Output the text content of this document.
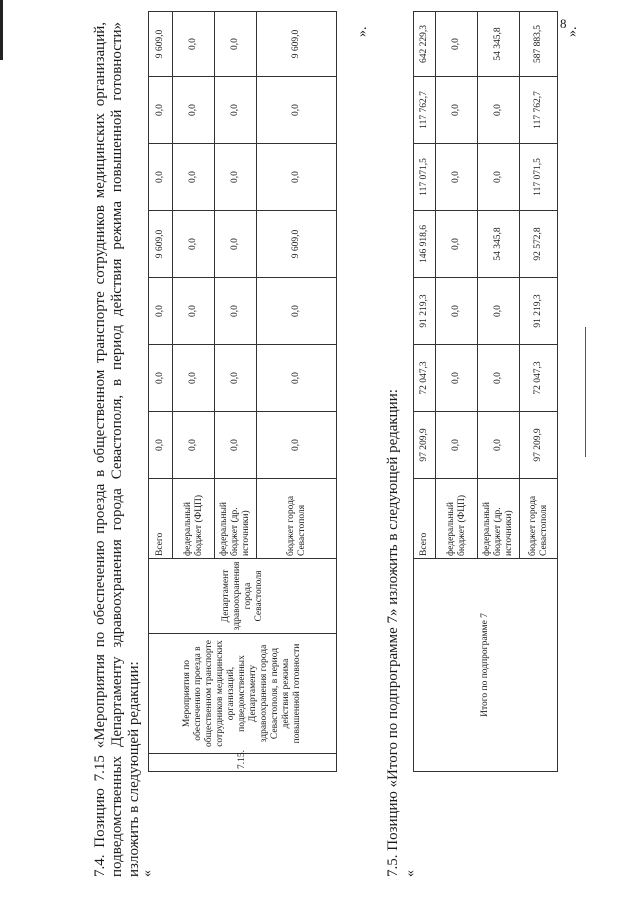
8

7.4. Позицию 7.15 «Мероприятия по обеспечению проезда в общественном транспорте сотрудников медицинских организаций, подведомственных Департаменту здравоохранения города Севастополя, в период действия режима повышенной готовности» изложить в следующей редакции:

«
7.15.	Мероприятия по обеспечению проезда в общественном транспорте сотрудников медицинских организаций, подведомственных Департаменту здравоохранения города Севастополя, в период действия режима повышенной готовности	Департамент здравоохранения города Севастополя	Всего	0,0	0,0	0,0	9 609,0	0,0	0,0	9 609,0
			федеральный бюджет (ФЦП)	0,0	0,0	0,0	0,0	0,0	0,0	0,0
			федеральный бюджет (др. источники)	0,0	0,0	0,0	0,0	0,0	0,0	0,0
			бюджет города Севастополя	0,0	0,0	0,0	9 609,0	0,0	0,0	9 609,0	».

7.5. Позицию «Итого по подпрограмме 7» изложить в следующей редакции: «
Итого по подпрограмме 7	Всего	97 209,9	72 047,3	91 219,3	146 918,6	117 071,5	117 762,7	642 229,3
	федеральный бюджет (ФЦП)	0,0	0,0	0,0	0,0	0,0	0,0	0,0
	федеральный бюджет (др. источники)	0,0	0,0	0,0	54 345,8	0,0	0,0	54 345,8
	бюджет города Севастополя	97 209,9	72 047,3	91 219,3	92 572,8	117 071,5	117 762,7	587 883,5 ».
